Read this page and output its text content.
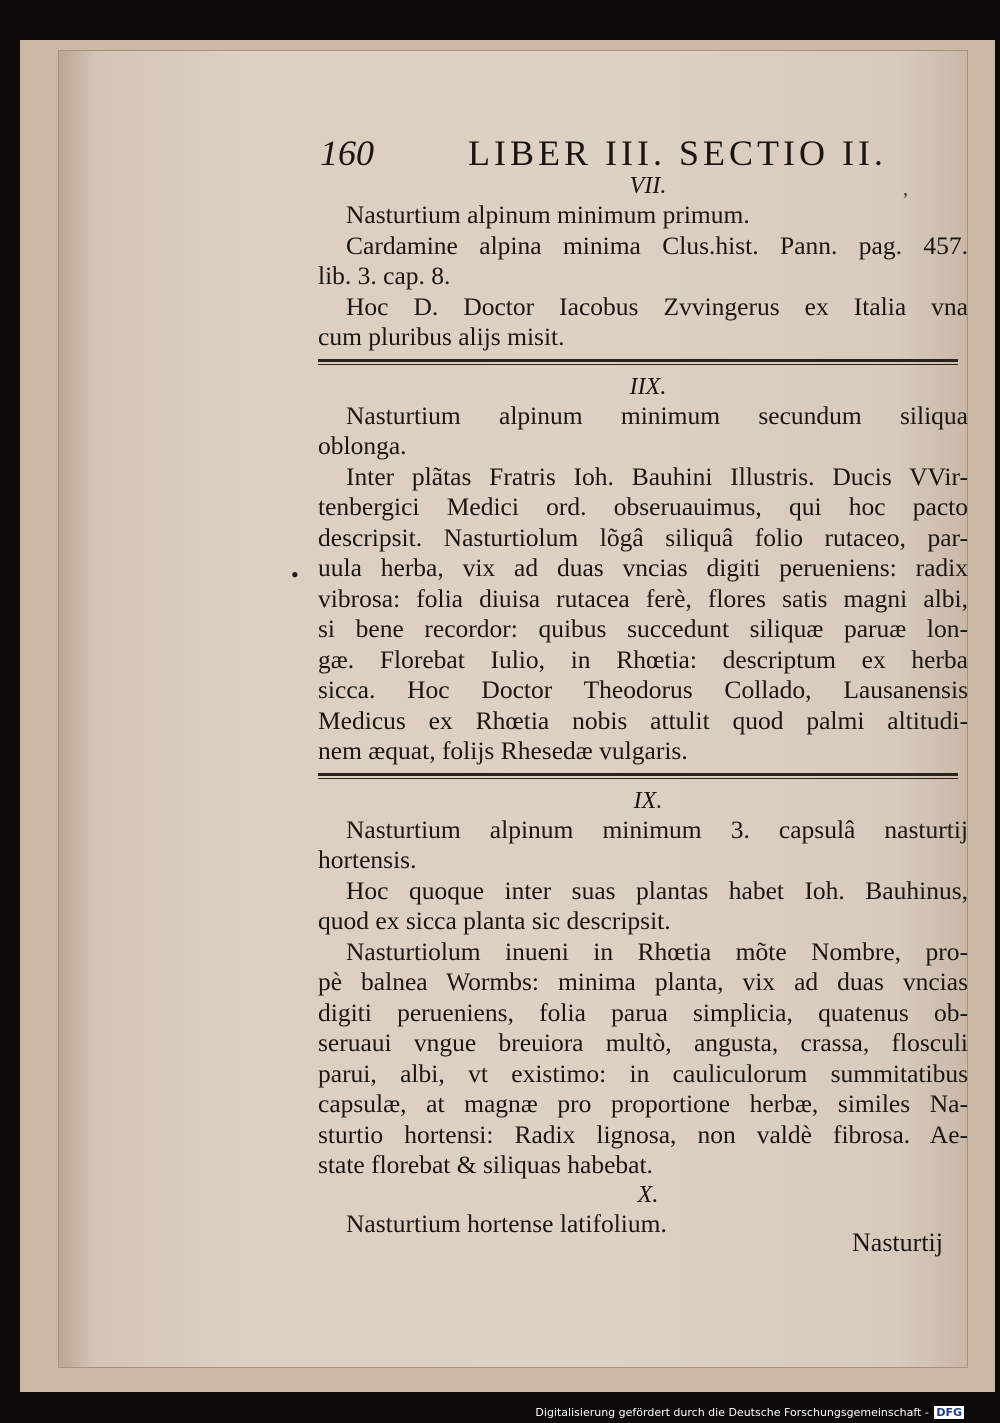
160	LIBER III. SECTIO II.
,
•
VII.

Nasturtium alpinum minimum primum.

Cardamine alpina minima Clus.hist. Pann. pag. 457.

lib. 3. cap. 8.

Hoc D. Doctor Iacobus Zvvingerus ex Italia vna

cum pluribus alijs misit.

IIX.

Nasturtium alpinum minimum secundum siliqua

oblonga.

Inter plãtas Fratris Ioh. Bauhini Illustris. Ducis VVir-

tenbergici Medici ord. obseruauimus, qui hoc pacto

descripsit. Nasturtiolum lõgâ siliquâ folio rutaceo, par-

uula herba, vix ad duas vncias digiti perueniens: radix

vibrosa: folia diuisa rutacea ferè, flores satis magni albi,

si bene recordor: quibus succedunt siliquæ paruæ lon-

gæ. Florebat Iulio, in Rhœtia: descriptum ex herba

sicca. Hoc Doctor Theodorus Collado, Lausanensis

Medicus ex Rhœtia nobis attulit quod palmi altitudi-

nem æquat, folijs Rhesedæ vulgaris.

IX.

Nasturtium alpinum minimum 3. capsulâ nasturtij

hortensis.

Hoc quoque inter suas plantas habet Ioh. Bauhinus,

quod ex sicca planta sic descripsit.

Nasturtiolum inueni in Rhœtia mõte Nombre, pro-

pè balnea Wormbs: minima planta, vix ad duas vncias

digiti perueniens, folia parua simplicia, quatenus ob-

seruaui vngue breuiora multò, angusta, crassa, flosculi

parui, albi, vt existimo: in cauliculorum summitatibus

capsulæ, at magnæ pro proportione herbæ, similes Na-

sturtio hortensi: Radix lignosa, non valdè fibrosa. Ae-

state florebat & siliquas habebat.

X.

Nasturtium hortense latifolium.

Nasturtij
Digitalisierung gefördert durch die Deutsche Forschungsgemeinschaft - DFG
